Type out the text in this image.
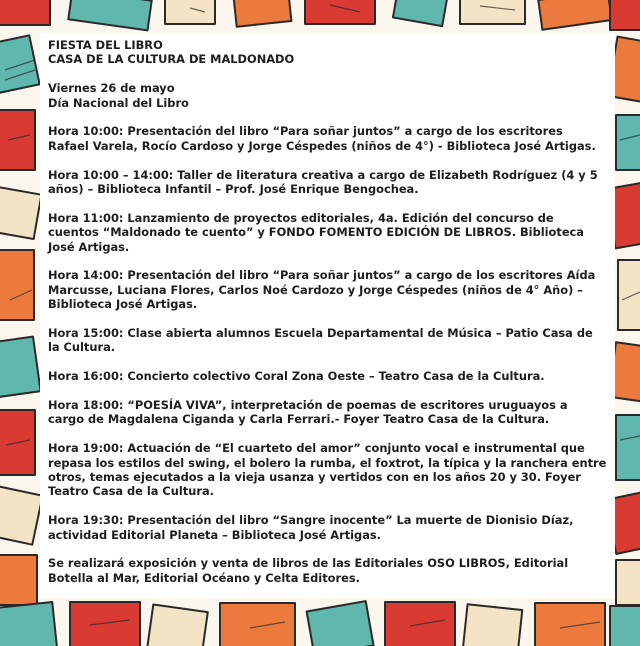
FIESTA DEL LIBRO
CASA DE LA CULTURA DE MALDONADO

Viernes 26 de mayo
Día Nacional del Libro

Hora 10:00: Presentación del libro “Para soñar juntos” a cargo de los escritores Rafael Varela, Rocío Cardoso y Jorge Céspedes (niños de 4°) - Biblioteca José Artigas.

Hora 10:00 – 14:00: Taller de literatura creativa a cargo de Elizabeth Rodríguez (4 y 5 años) – Biblioteca Infantil – Prof. José Enrique Bengochea.

Hora 11:00: Lanzamiento de proyectos editoriales, 4a. Edición del concurso de cuentos “Maldonado te cuento” y FONDO FOMENTO EDICIÓN DE LIBROS. Biblioteca José Artigas.

Hora 14:00: Presentación del libro “Para soñar juntos” a cargo de los escritores Aída Marcusse, Luciana Flores, Carlos Noé Cardozo y Jorge Céspedes (niños de 4° Año) – Biblioteca José Artigas.

Hora 15:00: Clase abierta alumnos Escuela Departamental de Música – Patio Casa de la Cultura.

Hora 16:00: Concierto colectivo Coral Zona Oeste – Teatro Casa de la Cultura.

Hora 18:00: “POESÍA VIVA”, interpretación de poemas de escritores uruguayos a cargo de Magdalena Ciganda y Carla Ferrari.- Foyer Teatro Casa de la Cultura.

Hora 19:00: Actuación de “El cuarteto del amor” conjunto vocal e instrumental que repasa los estilos del swing, el bolero la rumba, el foxtrot, la típica y la ranchera entre otros, temas ejecutados a la vieja usanza y vertidos con en los años 20 y 30. Foyer Teatro Casa de la Cultura.

Hora 19:30: Presentación del libro “Sangre inocente” La muerte de Dionisio Díaz, actividad Editorial Planeta – Biblioteca José Artigas.

Se realizará exposición y venta de libros de las Editoriales OSO LIBROS, Editorial Botella al Mar, Editorial Océano y Celta Editores.
